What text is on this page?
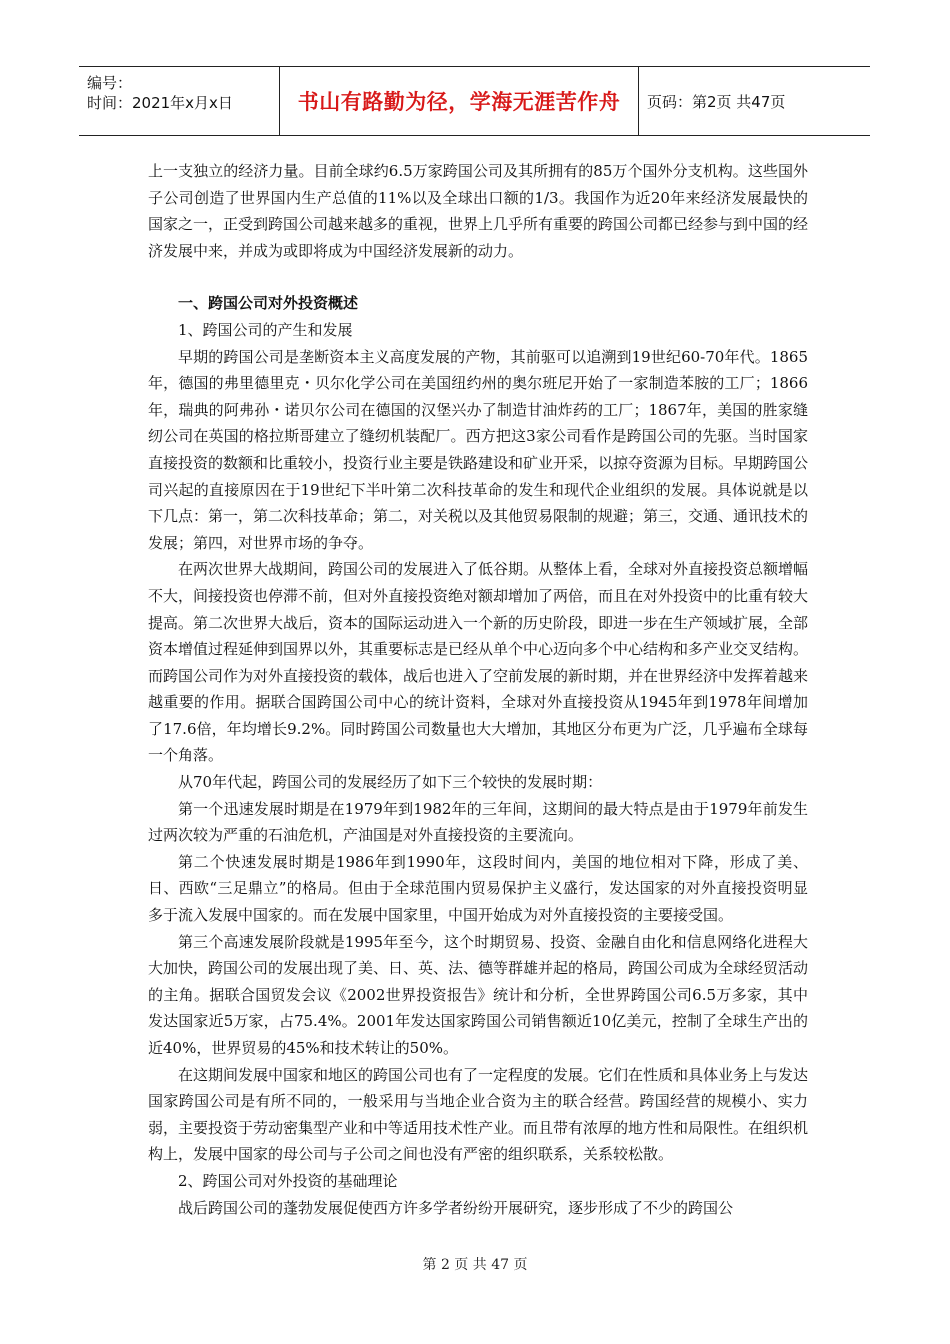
编号：
时间：2021年x月x日	书山有路勤为径，学海无涯苦作舟	页码：第2页 共47页

上一支独立的经济力量。目前全球约6.5万家跨国公司及其所拥有的85万个国外分支机构。这些国外子公司创造了世界国内生产总值的11%以及全球出口额的1/3。我国作为近20年来经济发展最快的国家之一，正受到跨国公司越来越多的重视，世界上几乎所有重要的跨国公司都已经参与到中国的经济发展中来，并成为或即将成为中国经济发展新的动力。

一、跨国公司对外投资概述

1、跨国公司的产生和发展

早期的跨国公司是垄断资本主义高度发展的产物，其前驱可以追溯到19世纪60-70年代。1865年，德国的弗里德里克・贝尔化学公司在美国纽约州的奥尔班尼开始了一家制造苯胺的工厂；1866年，瑞典的阿弗孙・诺贝尔公司在德国的汉堡兴办了制造甘油炸药的工厂；1867年，美国的胜家缝纫公司在英国的格拉斯哥建立了缝纫机装配厂。西方把这3家公司看作是跨国公司的先驱。当时国家直接投资的数额和比重较小，投资行业主要是铁路建设和矿业开采，以掠夺资源为目标。早期跨国公司兴起的直接原因在于19世纪下半叶第二次科技革命的发生和现代企业组织的发展。具体说就是以下几点：第一，第二次科技革命；第二，对关税以及其他贸易限制的规避；第三，交通、通讯技术的发展；第四，对世界市场的争夺。

在两次世界大战期间，跨国公司的发展进入了低谷期。从整体上看，全球对外直接投资总额增幅不大，间接投资也停滞不前，但对外直接投资绝对额却增加了两倍，而且在对外投资中的比重有较大提高。第二次世界大战后，资本的国际运动进入一个新的历史阶段，即进一步在生产领域扩展，全部资本增值过程延伸到国界以外，其重要标志是已经从单个中心迈向多个中心结构和多产业交叉结构。而跨国公司作为对外直接投资的载体，战后也进入了空前发展的新时期，并在世界经济中发挥着越来越重要的作用。据联合国跨国公司中心的统计资料，全球对外直接投资从1945年到1978年间增加了17.6倍，年均增长9.2%。同时跨国公司数量也大大增加，其地区分布更为广泛，几乎遍布全球每一个角落。

从70年代起，跨国公司的发展经历了如下三个较快的发展时期：

第一个迅速发展时期是在1979年到1982年的三年间，这期间的最大特点是由于1979年前发生过两次较为严重的石油危机，产油国是对外直接投资的主要流向。

第二个快速发展时期是1986年到1990年，这段时间内，美国的地位相对下降，形成了美、日、西欧“三足鼎立”的格局。但由于全球范围内贸易保护主义盛行，发达国家的对外直接投资明显多于流入发展中国家的。而在发展中国家里，中国开始成为对外直接投资的主要接受国。

第三个高速发展阶段就是1995年至今，这个时期贸易、投资、金融自由化和信息网络化进程大大加快，跨国公司的发展出现了美、日、英、法、德等群雄并起的格局，跨国公司成为全球经贸活动的主角。据联合国贸发会议《2002世界投资报告》统计和分析，全世界跨国公司6.5万多家，其中发达国家近5万家，占75.4%。2001年发达国家跨国公司销售额近10亿美元，控制了全球生产出的近40%，世界贸易的45%和技术转让的50%。

在这期间发展中国家和地区的跨国公司也有了一定程度的发展。它们在性质和具体业务上与发达国家跨国公司是有所不同的，一般采用与当地企业合资为主的联合经营。跨国经营的规模小、实力弱，主要投资于劳动密集型产业和中等适用技术性产业。而且带有浓厚的地方性和局限性。在组织机构上，发展中国家的母公司与子公司之间也没有严密的组织联系，关系较松散。

2、跨国公司对外投资的基础理论

战后跨国公司的蓬勃发展促使西方许多学者纷纷开展研究，逐步形成了不少的跨国公

第 2 页 共 47 页
